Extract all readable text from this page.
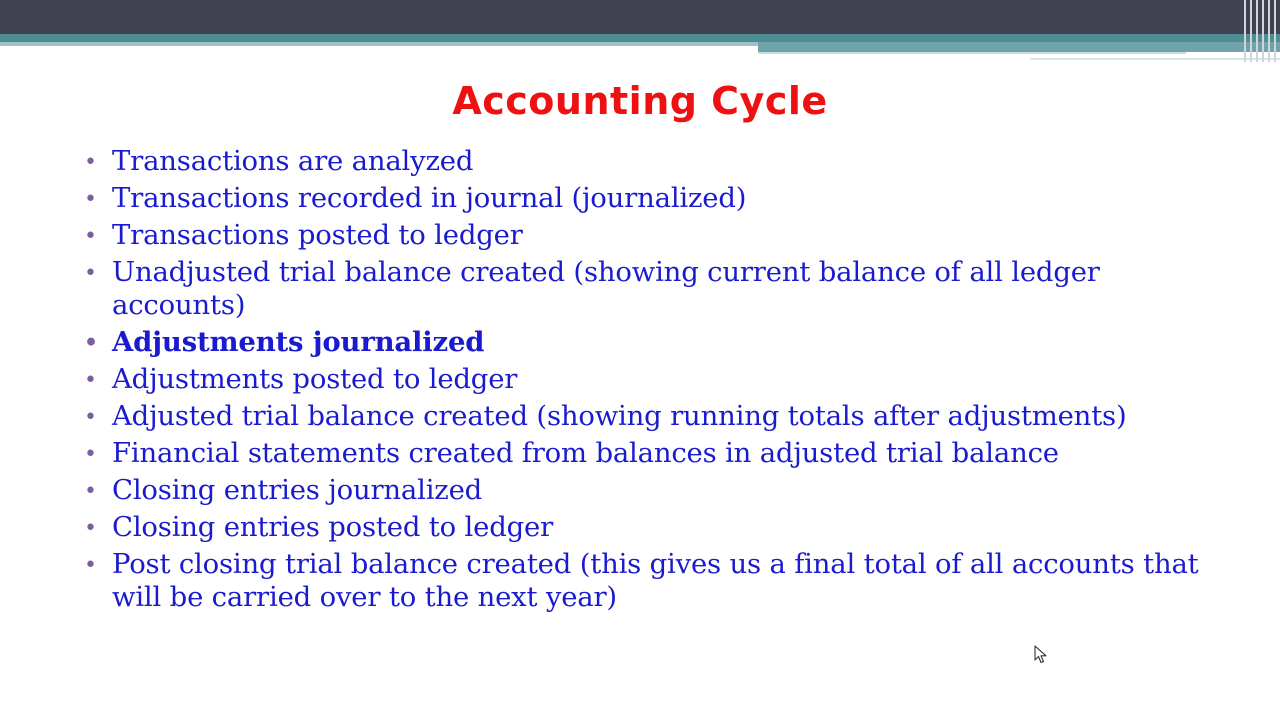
Accounting Cycle
• Transactions are analyzed
• Transactions recorded in journal (journalized)
• Transactions posted to ledger
• Unadjusted trial balance created (showing current balance of all ledger accounts)
• Adjustments journalized
• Adjustments posted to ledger
• Adjusted trial balance created (showing running totals after adjustments)
• Financial statements created from balances in adjusted trial balance
• Closing entries journalized
• Closing entries posted to ledger
• Post closing trial balance created (this gives us a final total of all accounts that will be carried over to the next year)
